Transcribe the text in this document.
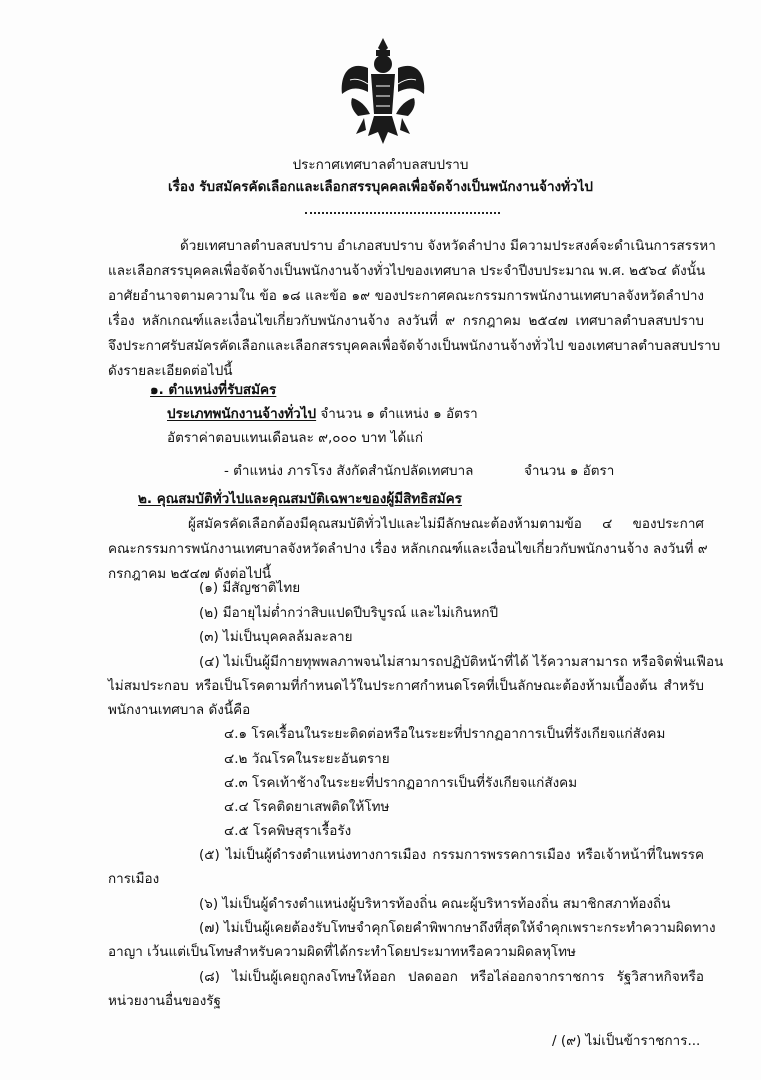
ประกาศเทศบาลตำบลสบปราบ
เรื่อง รับสมัครคัดเลือกและเลือกสรรบุคคลเพื่อจัดจ้างเป็นพนักงานจ้างทั่วไป
ด้วยเทศบาลตำบลสบปราบ อำเภอสบปราบ จังหวัดลำปาง มีความประสงค์จะดำเนินการสรรหา
และเลือกสรรบุคคลเพื่อจัดจ้างเป็นพนักงานจ้างทั่วไปของเทศบาล ประจำปีงบประมาณ พ.ศ. ๒๕๖๔ ดังนั้น
อาศัยอำนาจตามความใน ข้อ ๑๘ และข้อ ๑๙ ของประกาศคณะกรรมการพนักงานเทศบาลจังหวัดลำปาง
เรื่อง หลักเกณฑ์และเงื่อนไขเกี่ยวกับพนักงานจ้าง ลงวันที่ ๙ กรกฎาคม ๒๕๔๗ เทศบาลตำบลสบปราบ
จึงประกาศรับสมัครคัดเลือกและเลือกสรรบุคคลเพื่อจัดจ้างเป็นพนักงานจ้างทั่วไป ของเทศบาลตำบลสบปราบ
ดังรายละเอียดต่อไปนี้
๑. ตำแหน่งที่รับสมัคร
ประเภทพนักงานจ้างทั่วไป จำนวน ๑ ตำแหน่ง ๑ อัตรา
อัตราค่าตอบแทนเดือนละ ๙,๐๐๐ บาท ได้แก่
- ตำแหน่ง ภารโรง สังกัดสำนักปลัดเทศบาล	จำนวน ๑ อัตรา
๒. คุณสมบัติทั่วไปและคุณสมบัติเฉพาะของผู้มีสิทธิสมัคร
ผู้สมัครคัดเลือกต้องมีคุณสมบัติทั่วไปและไม่มีลักษณะต้องห้ามตามข้อ ๔ ของประกาศ
คณะกรรมการพนักงานเทศบาลจังหวัดลำปาง เรื่อง หลักเกณฑ์และเงื่อนไขเกี่ยวกับพนักงานจ้าง ลงวันที่ ๙
กรกฎาคม ๒๕๔๗ ดังต่อไปนี้
(๑) มีสัญชาติไทย
(๒) มีอายุไม่ต่ำกว่าสิบแปดปีบริบูรณ์ และไม่เกินหกปี
(๓) ไม่เป็นบุคคลล้มละลาย
(๔) ไม่เป็นผู้มีกายทุพพลภาพจนไม่สามารถปฏิบัติหน้าที่ได้ ไร้ความสามารถ หรือจิตฟั่นเฟือน
ไม่สมประกอบ หรือเป็นโรคตามที่กำหนดไว้ในประกาศกำหนดโรคที่เป็นลักษณะต้องห้ามเบื้องต้น สำหรับ
พนักงานเทศบาล ดังนี้คือ
๔.๑ โรคเรื้อนในระยะติดต่อหรือในระยะที่ปรากฏอาการเป็นที่รังเกียจแก่สังคม
๔.๒ วัณโรคในระยะอันตราย
๔.๓ โรคเท้าช้างในระยะที่ปรากฏอาการเป็นที่รังเกียจแก่สังคม
๔.๔ โรคติดยาเสพติดให้โทษ
๔.๕ โรคพิษสุราเรื้อรัง
(๕) ไม่เป็นผู้ดำรงตำแหน่งทางการเมือง กรรมการพรรคการเมือง หรือเจ้าหน้าที่ในพรรค
การเมือง
(๖) ไม่เป็นผู้ดำรงตำแหน่งผู้บริหารท้องถิ่น คณะผู้บริหารท้องถิ่น สมาชิกสภาท้องถิ่น
(๗) ไม่เป็นผู้เคยต้องรับโทษจำคุกโดยคำพิพากษาถึงที่สุดให้จำคุกเพราะกระทำความผิดทาง
อาญา เว้นแต่เป็นโทษสำหรับความผิดที่ได้กระทำโดยประมาทหรือความผิดลหุโทษ
(๘) ไม่เป็นผู้เคยถูกลงโทษให้ออก ปลดออก หรือไล่ออกจากราชการ รัฐวิสาหกิจหรือ
หน่วยงานอื่นของรัฐ
/ (๙) ไม่เป็นข้าราชการ...
